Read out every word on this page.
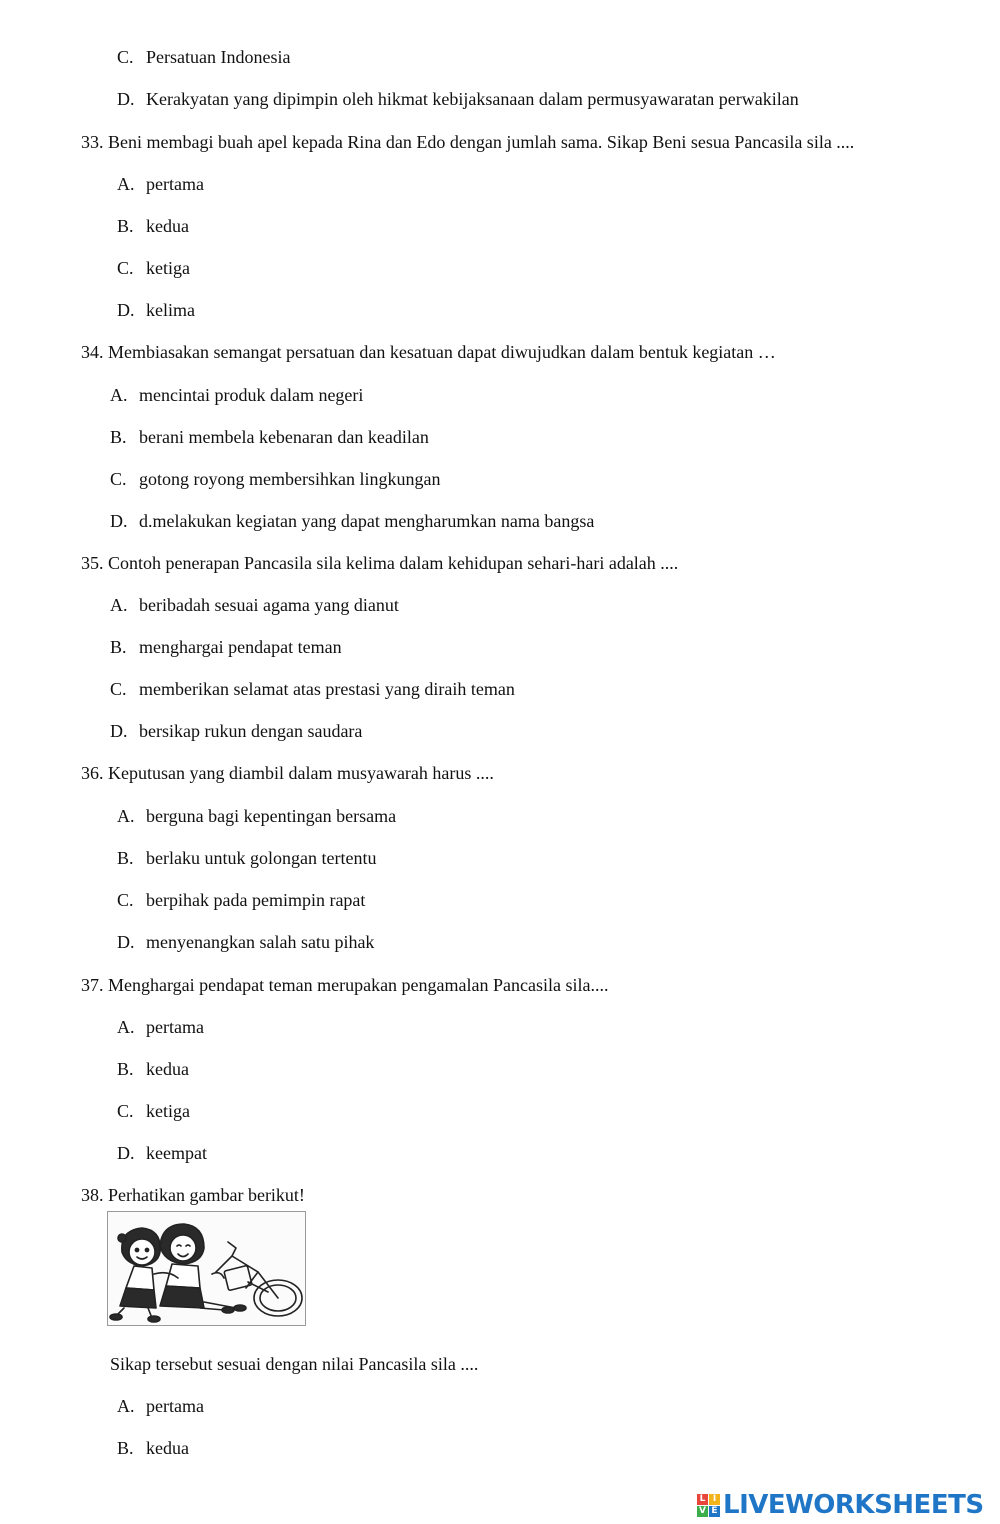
C. Persatuan Indonesia
D. Kerakyatan yang dipimpin oleh hikmat kebijaksanaan dalam permusyawaratan perwakilan
33. Beni membagi buah apel kepada Rina dan Edo dengan jumlah sama. Sikap Beni sesua Pancasila sila ....
A. pertama
B. kedua
C. ketiga
D. kelima
34. Membiasakan semangat persatuan dan kesatuan dapat diwujudkan dalam bentuk kegiatan …
A. mencintai produk dalam negeri
B. berani membela kebenaran dan keadilan
C. gotong royong membersihkan lingkungan
D. d.melakukan kegiatan yang dapat mengharumkan nama bangsa
35. Contoh penerapan Pancasila sila kelima dalam kehidupan sehari-hari adalah ....
A. beribadah sesuai agama yang dianut
B. menghargai pendapat teman
C. memberikan selamat atas prestasi yang diraih teman
D. bersikap rukun dengan saudara
36. Keputusan yang diambil dalam musyawarah harus ....
A. berguna bagi kepentingan bersama
B. berlaku untuk golongan tertentu
C. berpihak pada pemimpin rapat
D. menyenangkan salah satu pihak
37. Menghargai pendapat teman merupakan pengamalan Pancasila sila....
A. pertama
B. kedua
C. ketiga
D. keempat
38. Perhatikan gambar berikut!
Sikap tersebut sesuai dengan nilai Pancasila sila ....
A. pertama
B. kedua
L I
V E LIVEWORKSHEETS
